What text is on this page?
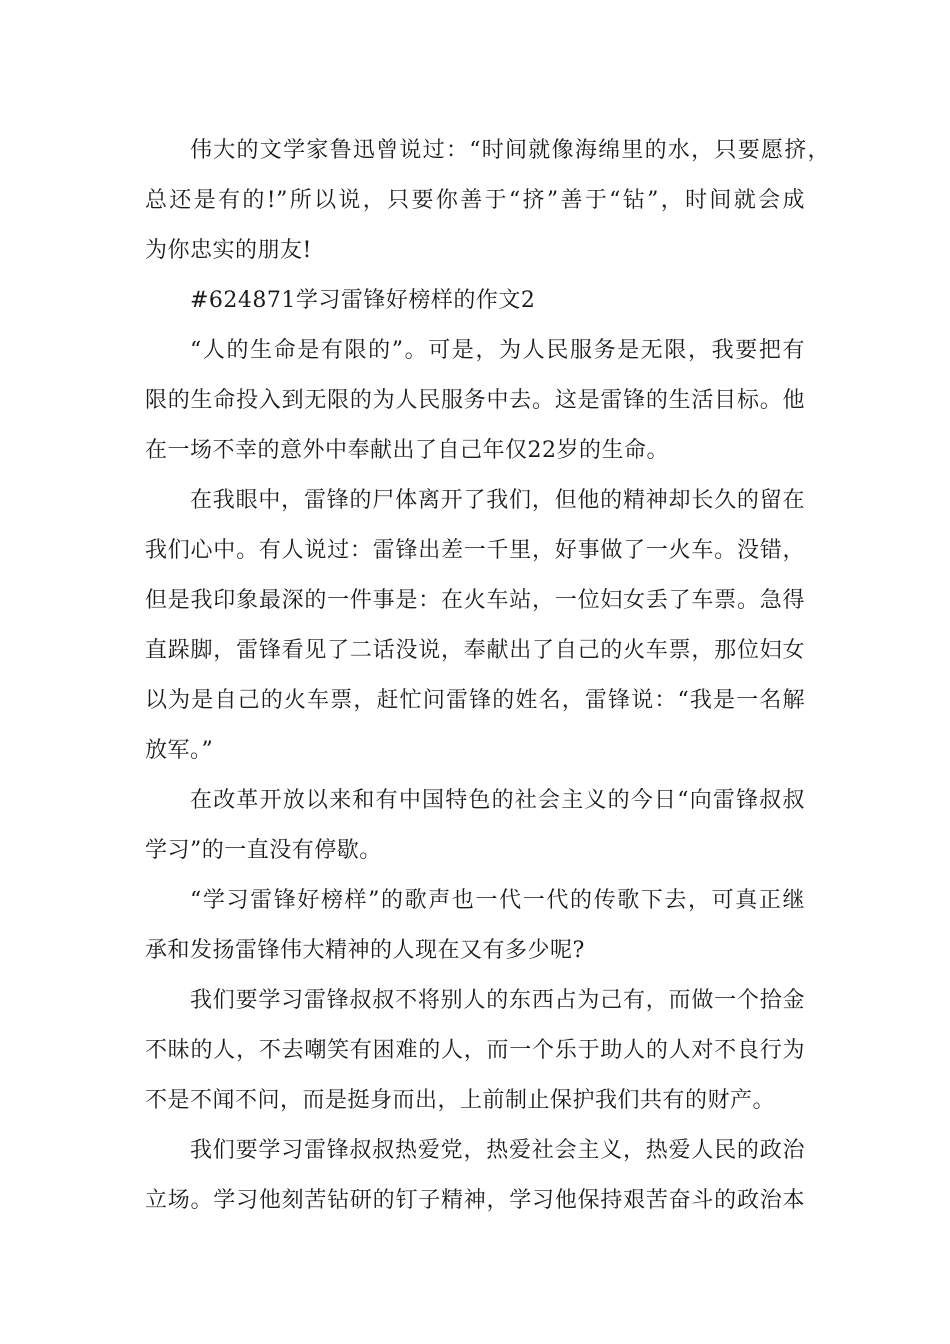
伟大的文学家鲁迅曾说过：“时间就像海绵里的水，只要愿挤，
总还是有的!”所以说，只要你善于“挤”善于“钻”，时间就会成
为你忠实的朋友!
#624871学习雷锋好榜样的作文2
“人的生命是有限的”。可是，为人民服务是无限，我要把有
限的生命投入到无限的为人民服务中去。这是雷锋的生活目标。他
在一场不幸的意外中奉献出了自己年仅22岁的生命。
在我眼中，雷锋的尸体离开了我们，但他的精神却长久的留在
我们心中。有人说过：雷锋出差一千里，好事做了一火车。没错，
但是我印象最深的一件事是：在火车站，一位妇女丢了车票。急得
直跺脚，雷锋看见了二话没说，奉献出了自己的火车票，那位妇女
以为是自己的火车票，赶忙问雷锋的姓名，雷锋说：“我是一名解
放军。”
在改革开放以来和有中国特色的社会主义的今日“向雷锋叔叔
学习”的一直没有停歇。
“学习雷锋好榜样”的歌声也一代一代的传歌下去，可真正继
承和发扬雷锋伟大精神的人现在又有多少呢?
我们要学习雷锋叔叔不将别人的东西占为己有，而做一个拾金
不昧的人，不去嘲笑有困难的人，而一个乐于助人的人对不良行为
不是不闻不问，而是挺身而出，上前制止保护我们共有的财产。
我们要学习雷锋叔叔热爱党，热爱社会主义，热爱人民的政治
立场。学习他刻苦钻研的钉子精神，学习他保持艰苦奋斗的政治本
